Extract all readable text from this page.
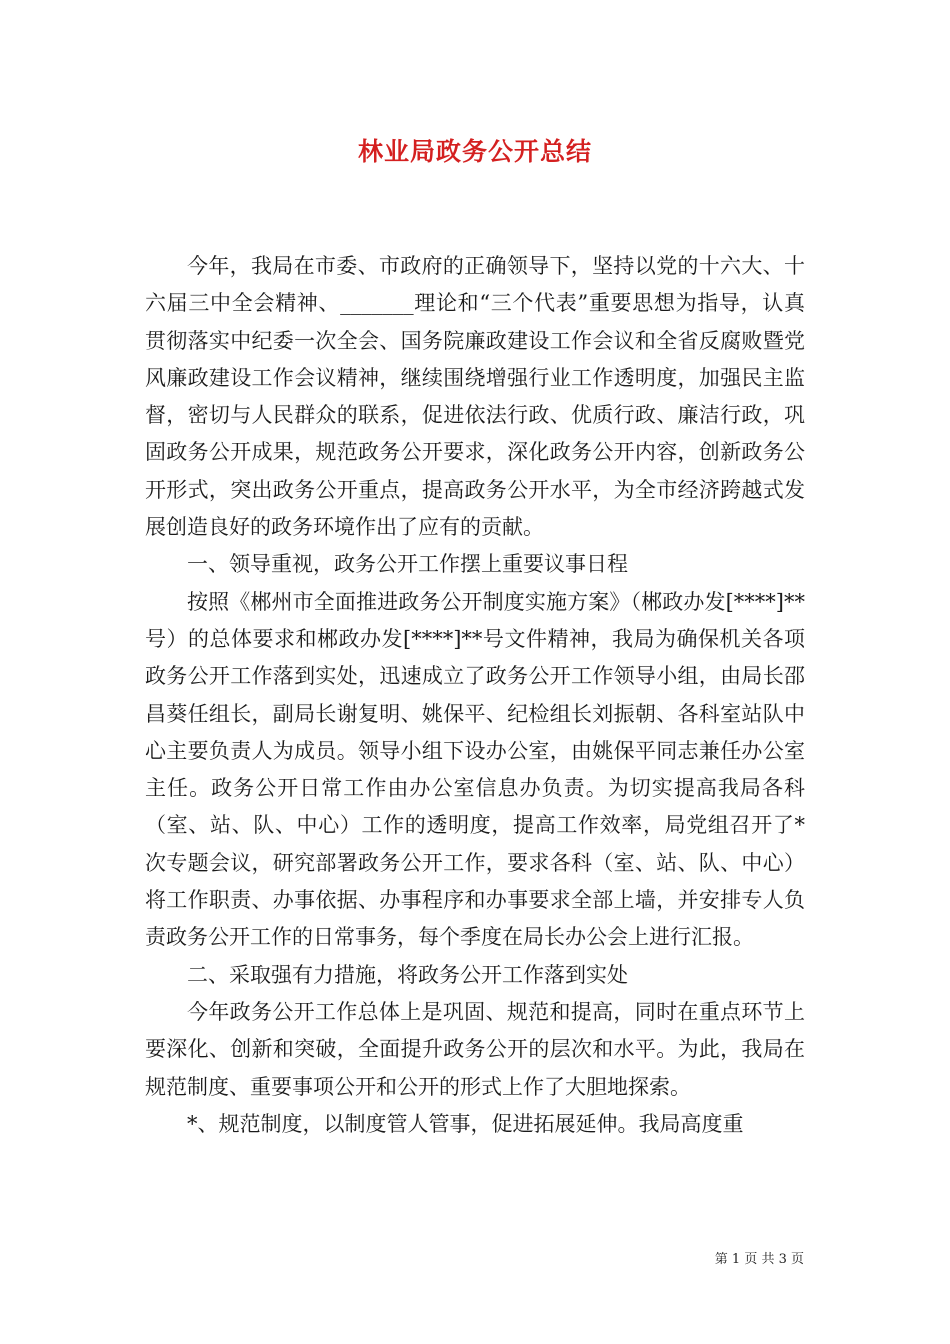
林业局政务公开总结

今年，我局在市委、市政府的正确领导下，坚持以党的十六大、十六届三中全会精神、_______理论和“三个代表”重要思想为指导，认真贯彻落实中纪委一次全会、国务院廉政建设工作会议和全省反腐败暨党风廉政建设工作会议精神，继续围绕增强行业工作透明度，加强民主监督，密切与人民群众的联系，促进依法行政、优质行政、廉洁行政，巩固政务公开成果，规范政务公开要求，深化政务公开内容，创新政务公开形式，突出政务公开重点，提高政务公开水平，为全市经济跨越式发展创造良好的政务环境作出了应有的贡献。

一、领导重视，政务公开工作摆上重要议事日程

按照《郴州市全面推进政务公开制度实施方案》（郴政办发[****]**号）的总体要求和郴政办发[****]**号文件精神，我局为确保机关各项政务公开工作落到实处，迅速成立了政务公开工作领导小组，由局长邵昌葵任组长，副局长谢复明、姚保平、纪检组长刘振朝、各科室站队中心主要负责人为成员。领导小组下设办公室，由姚保平同志兼任办公室主任。政务公开日常工作由办公室信息办负责。为切实提高我局各科（室、站、队、中心）工作的透明度，提高工作效率，局党组召开了*次专题会议，研究部署政务公开工作，要求各科（室、站、队、中心）将工作职责、办事依据、办事程序和办事要求全部上墙，并安排专人负责政务公开工作的日常事务，每个季度在局长办公会上进行汇报。

二、采取强有力措施，将政务公开工作落到实处

今年政务公开工作总体上是巩固、规范和提高，同时在重点环节上要深化、创新和突破，全面提升政务公开的层次和水平。为此，我局在规范制度、重要事项公开和公开的形式上作了大胆地探索。

*、规范制度，以制度管人管事，促进拓展延伸。我局高度重

第 1 页 共 3 页
